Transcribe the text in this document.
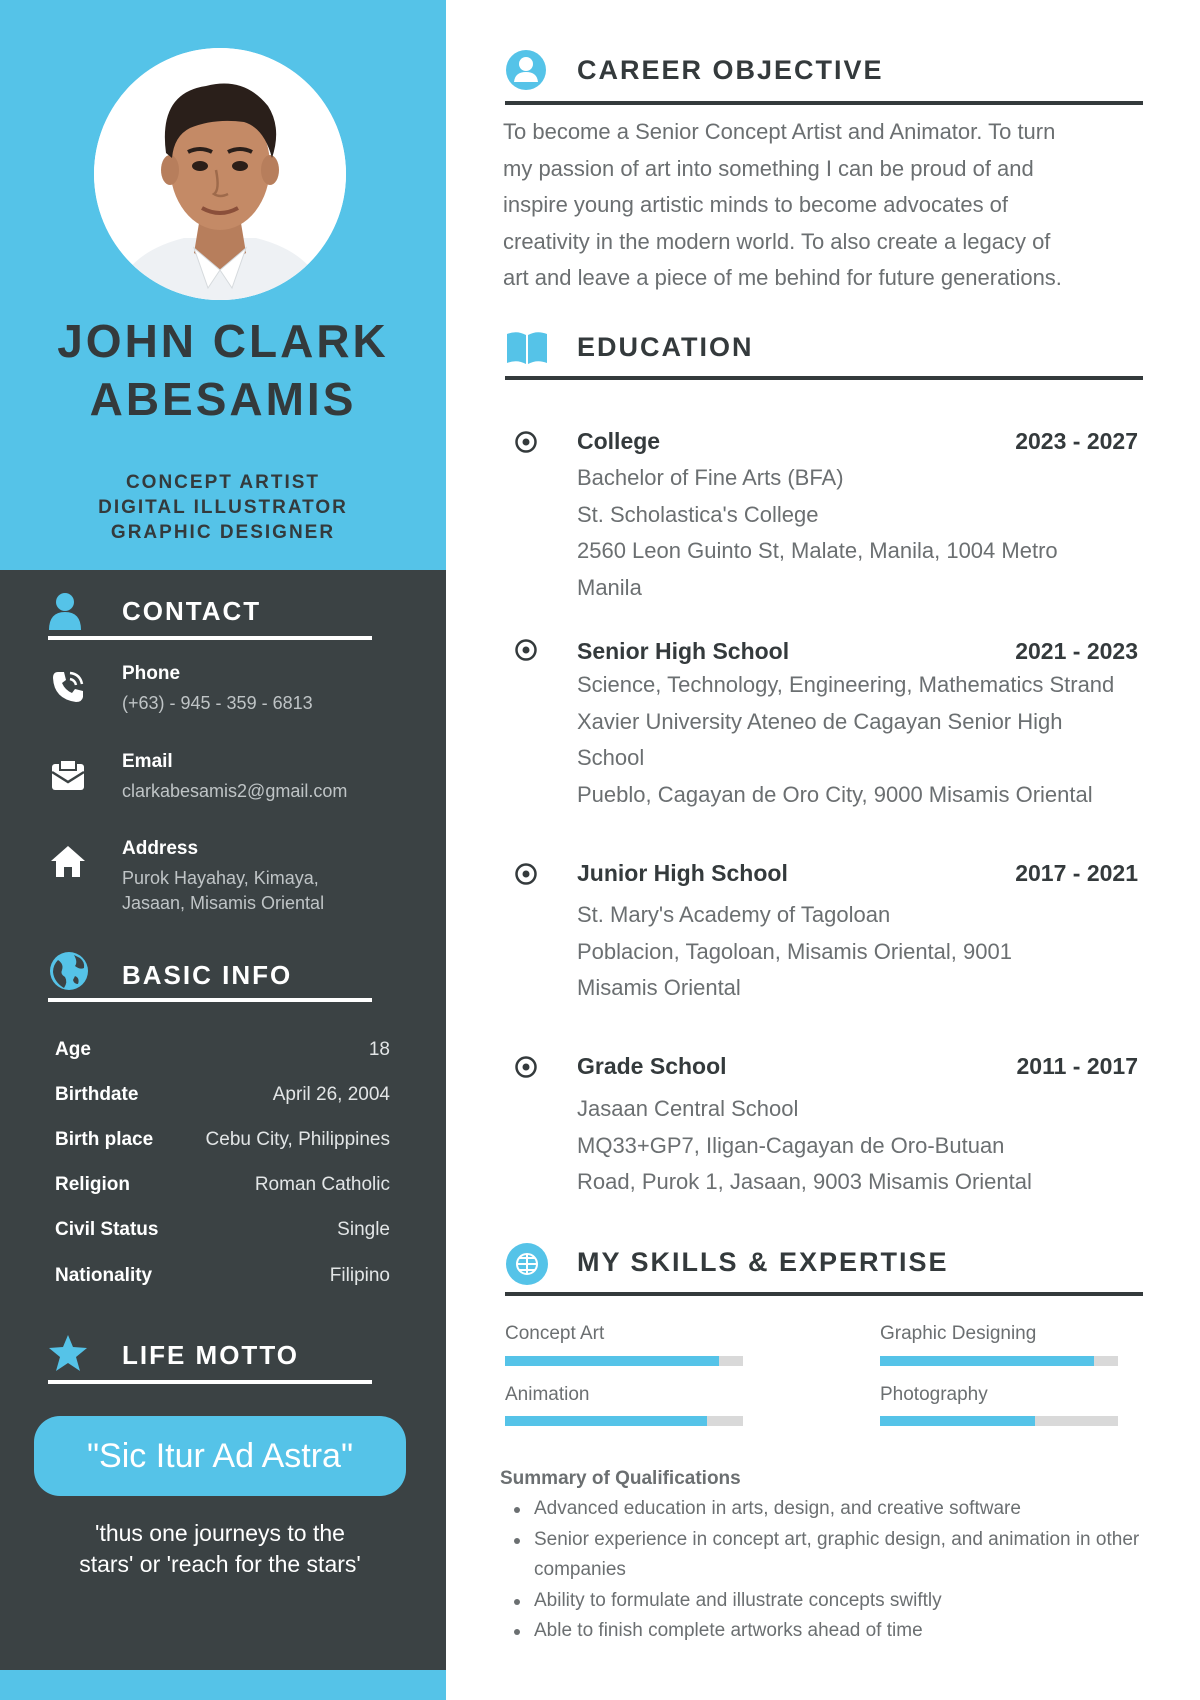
JOHN CLARK
ABESAMIS
CONCEPT ARTIST
DIGITAL ILLUSTRATOR
GRAPHIC DESIGNER
CONTACT
Phone
(+63) - 945 - 359 - 6813
Email
clarkabesamis2@gmail.com
Address
Purok Hayahay, Kimaya,
Jasaan, Misamis Oriental
BASIC INFO
Age	18
Birthdate	April 26, 2004
Birth place	Cebu City, Philippines
Religion	Roman Catholic
Civil Status	Single
Nationality	Filipino
LIFE MOTTO
"Sic Itur Ad Astra"
'thus one journeys to the
stars' or 'reach for the stars'
CAREER OBJECTIVE
To become a Senior Concept Artist and Animator. To turn
my passion of art into something I can be proud of and
inspire young artistic minds to become advocates of
creativity in the modern world. To also create a legacy of
art and leave a piece of me behind for future generations.
EDUCATION
College	2023 - 2027
Bachelor of Fine Arts (BFA)
St. Scholastica's College
2560 Leon Guinto St, Malate, Manila, 1004 Metro
Manila
Senior High School	2021 - 2023
Science, Technology, Engineering, Mathematics Strand
Xavier University Ateneo de Cagayan Senior High
School
Pueblo, Cagayan de Oro City, 9000 Misamis Oriental
Junior High School	2017 - 2021
St. Mary's Academy of Tagoloan
Poblacion, Tagoloan, Misamis Oriental, 9001
Misamis Oriental
Grade School	2011 - 2017
Jasaan Central School
MQ33+GP7, Iligan-Cagayan de Oro-Butuan
Road, Purok 1, Jasaan, 9003 Misamis Oriental
MY SKILLS & EXPERTISE
Concept Art	Graphic Designing
Animation	Photography
Summary of Qualifications
Advanced education in arts, design, and creative software
Senior experience in concept art, graphic design, and animation in other
companies
Ability to formulate and illustrate concepts swiftly
Able to finish complete artworks ahead of time
